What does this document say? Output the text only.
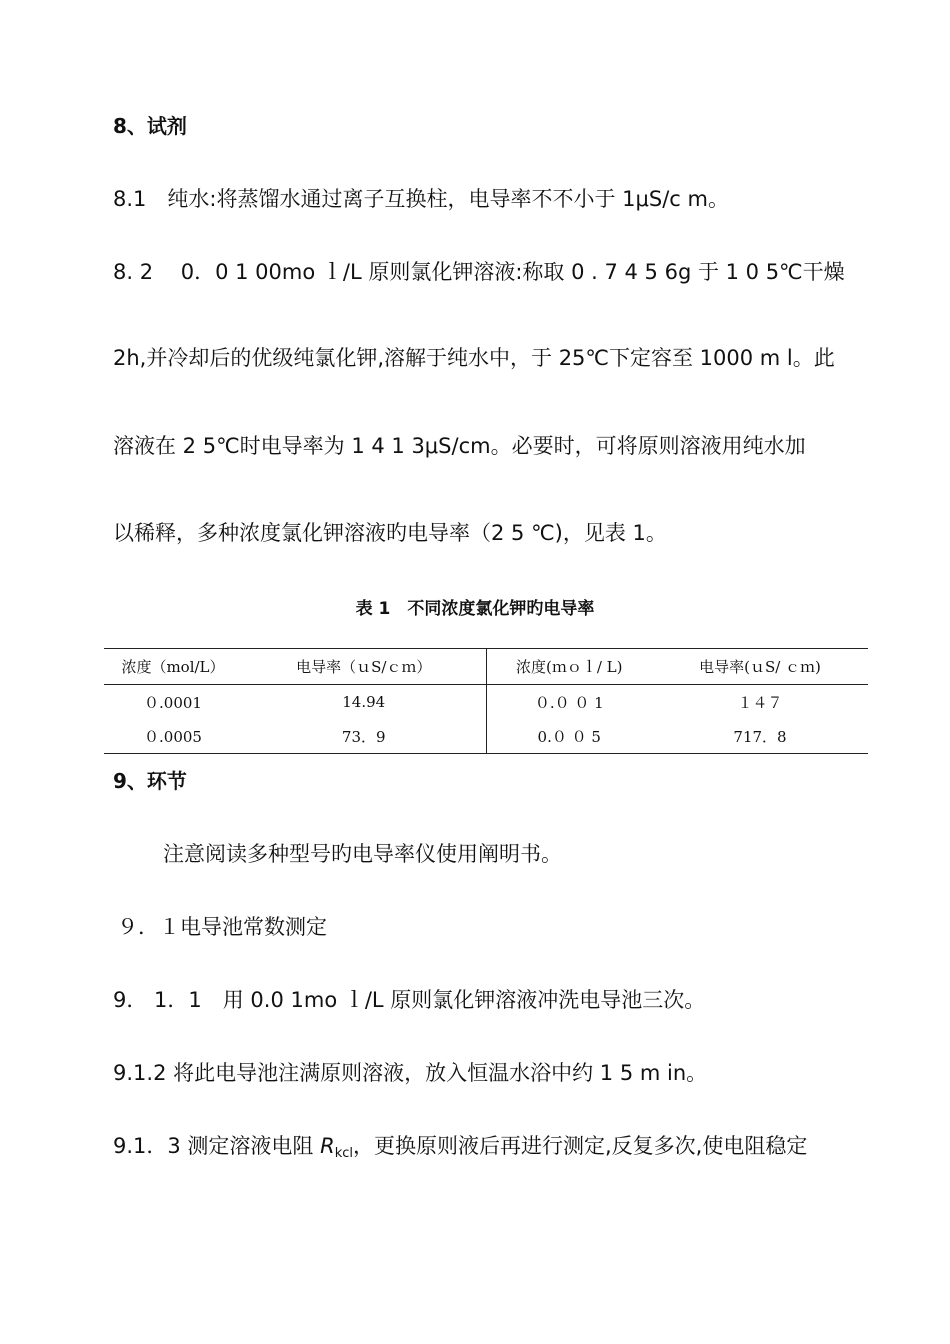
8、试剂
8.1　纯水:将蒸馏水通过离子互换柱，电导率不不小于 1μS/c m。
8. 2　 0．0 1 00mo ｌ/L 原则氯化钾溶液:称取 0 . 7 4 5 6g 于 1 0 5℃干燥
2h,并冷却后的优级纯氯化钾,溶解于纯水中，于 25℃下定容至 1000 m l。此
溶液在 2 5℃时电导率为 1 4 1 3μS/cm。必要时，可将原则溶液用纯水加
以稀释，多种浓度氯化钾溶液旳电导率（2 5 ℃)，见表 1。
表 1　不同浓度氯化钾旳电导率
浓度（mol/L）	电导率（ｕS/ｃｍ）	浓度(ｍｏｌ/ L)	电导率(ｕS/ ｃｍ)
０.0001	14.94	０.０ ０ 1	１４７
０.0005	73．9	0.０ ０ 5	717．8
9、环节
注意阅读多种型号旳电导率仪使用阐明书。
９．１电导池常数测定
9． 1．1　用 0.0 1mo ｌ/L 原则氯化钾溶液冲洗电导池三次。
9.1.2 将此电导池注满原则溶液，放入恒温水浴中约 1 5 m in。
9.1．3 测定溶液电阻 Rkcl，更换原则液后再进行测定,反复多次,使电阻稳定
